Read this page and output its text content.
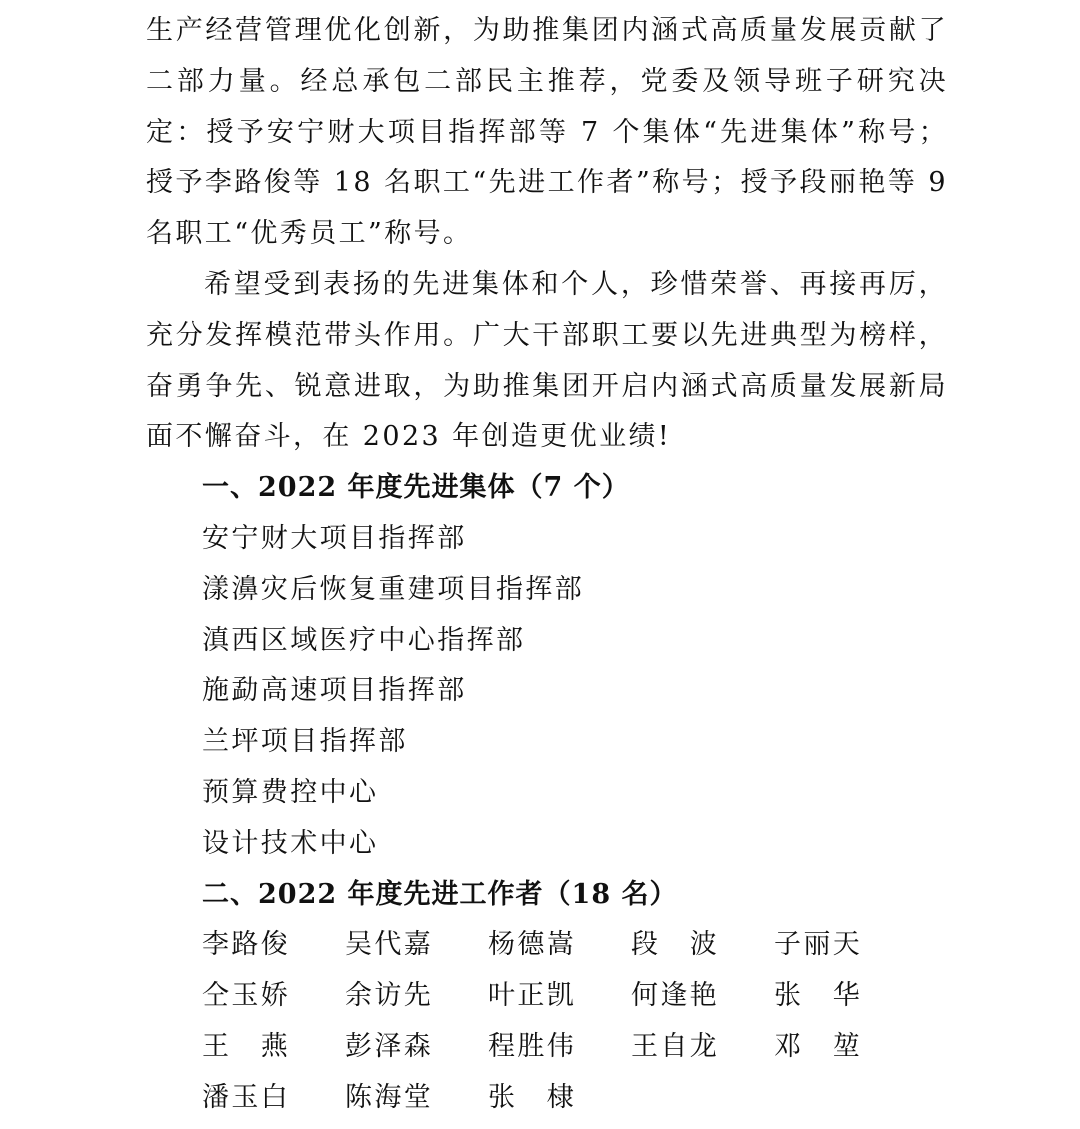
生产经营管理优化创新，为助推集团内涵式高质量发展贡献了二部力量。经总承包二部民主推荐，党委及领导班子研究决定：授予安宁财大项目指挥部等 7 个集体“先进集体”称号；授予李路俊等 18 名职工“先进工作者”称号；授予段丽艳等 9 名职工“优秀员工”称号。

希望受到表扬的先进集体和个人，珍惜荣誉、再接再厉，充分发挥模范带头作用。广大干部职工要以先进典型为榜样，奋勇争先、锐意进取，为助推集团开启内涵式高质量发展新局面不懈奋斗，在 2023 年创造更优业绩!

一、2022 年度先进集体（7 个）

安宁财大项目指挥部

漾濞灾后恢复重建项目指挥部

滇西区域医疗中心指挥部

施勐高速项目指挥部

兰坪项目指挥部

预算费控中心

设计技术中心

二、2022 年度先进工作者（18 名）

李路俊	吴代嘉	杨德嵩	段　波	子丽天
仝玉娇	余访先	叶正凯	何逢艳	张　华
王　燕	彭泽森	程胜伟	王自龙	邓　堃
潘玉白	陈海堂	张　棣
